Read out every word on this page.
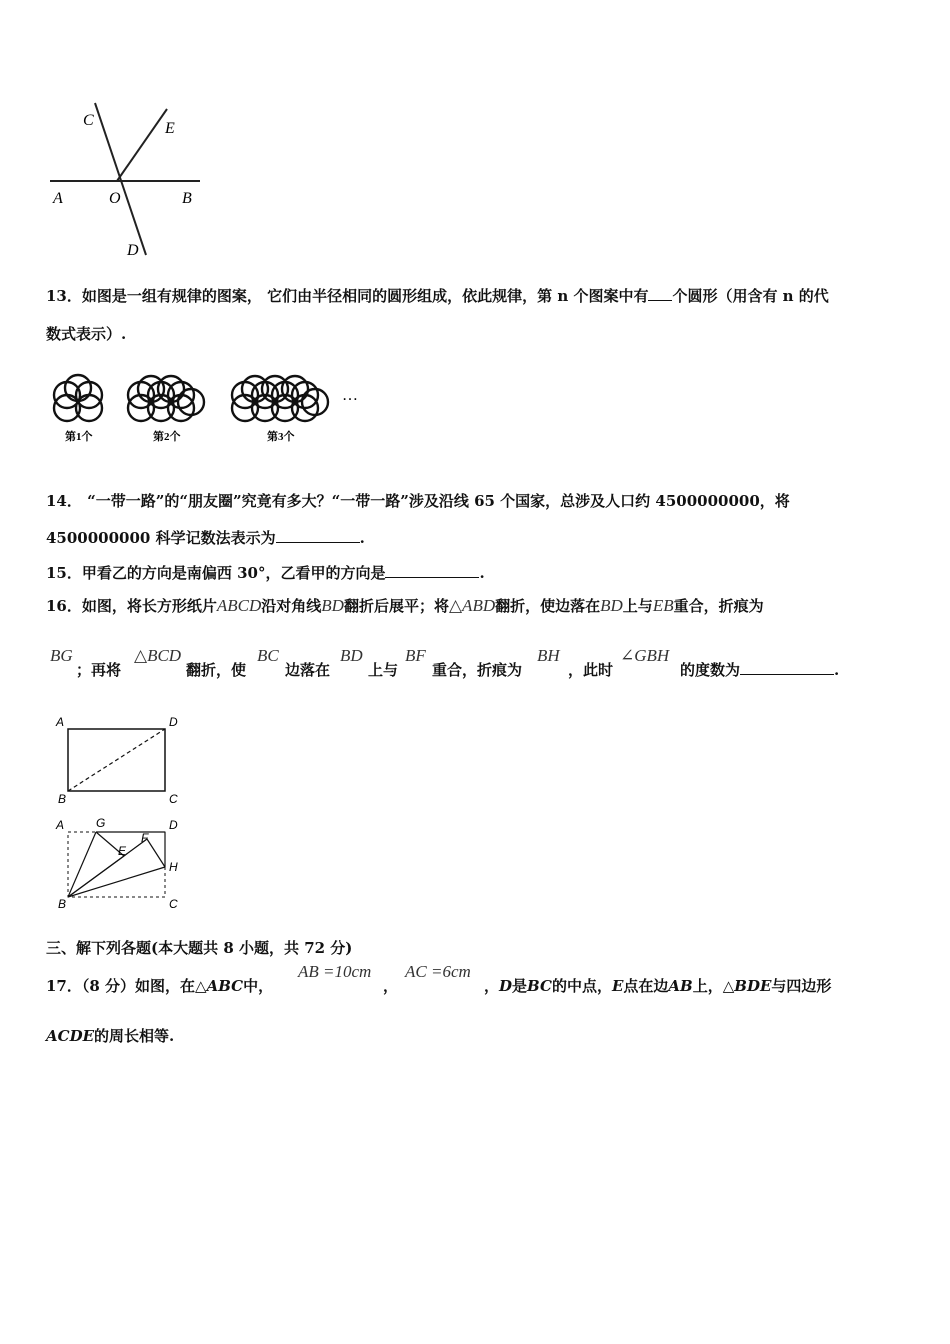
C	E
A	O	B
D
13．如图是一组有规律的图案， 它们由半径相同的圆形组成，依此规律，第 n 个图案中有 个圆形（用含有 n 的代
数式表示）.
…
第1个	第2个	第3个
14． “一带一路”的“朋友圈”究竟有多大？“一带一路”涉及沿线 65 个国家，总涉及人口约 4500000000，将
4500000000 科学记数法表示为	.
15．甲看乙的方向是南偏西 30°，乙看甲的方向是	.
16．如图，将长方形纸片ABCD沿对角线BD翻折后展平；将△ABD翻折，使边落在BD上与EB重合，折痕为
BG
；再将
△BCD
翻折，使
BC
边落在
BD
上与
BF
重合，折痕为
BH
，此时
∠GBH
的度数为	.
A	D
B	C
A	G
F
D
E
H
B	C
三、解下列各题(本大题共 8 小题，共 72 分)
17．（8 分）如图，在△ABC中，
AB =10cm
，
AC =6cm
，D是BC的中点，E点在边AB上，△BDE与四边形
ACDE的周长相等.
